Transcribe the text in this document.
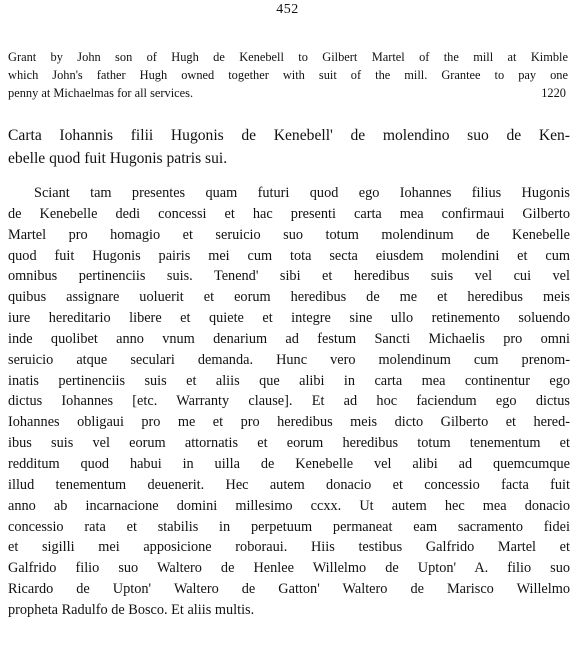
452
Grant by John son of Hugh de Kenebell to Gilbert Martel of the mill at Kimble
which John's father Hugh owned together with suit of the mill. Grantee to pay one
penny at Michaelmas for all services.	1220
Carta Iohannis filii Hugonis de Kenebell' de molendino suo de Ken-
ebelle quod fuit Hugonis patris sui.
Sciant tam presentes quam futuri quod ego Iohannes filius Hugonis
de Kenebelle dedi concessi et hac presenti carta mea confirmaui Gilberto
Martel pro homagio et seruicio suo totum molendinum de Kenebelle
quod fuit Hugonis pairis mei cum tota secta eiusdem molendini et cum
omnibus pertinenciis suis. Tenend' sibi et heredibus suis vel cui vel
quibus assignare uoluerit et eorum heredibus de me et heredibus meis
iure hereditario libere et quiete et integre sine ullo retinemento soluendo
inde quolibet anno vnum denarium ad festum Sancti Michaelis pro omni
seruicio atque seculari demanda. Hunc vero molendinum cum prenom-
inatis pertinenciis suis et aliis que alibi in carta mea continentur ego
dictus Iohannes [etc. Warranty clause]. Et ad hoc faciendum ego dictus
Iohannes obligaui pro me et pro heredibus meis dicto Gilberto et hered-
ibus suis vel eorum attornatis et eorum heredibus totum tenementum et
redditum quod habui in uilla de Kenebelle vel alibi ad quemcumque
illud tenementum deuenerit. Hec autem donacio et concessio facta fuit
anno ab incarnacione domini millesimo ccxx. Ut autem hec mea donacio
concessio rata et stabilis in perpetuum permaneat eam sacramento fidei
et sigilli mei apposicione roboraui. Hiis testibus Galfrido Martel et
Galfrido filio suo Waltero de Henlee Willelmo de Upton' A. filio suo
Ricardo de Upton' Waltero de Gatton' Waltero de Marisco Willelmo
propheta Radulfo de Bosco. Et aliis multis.
